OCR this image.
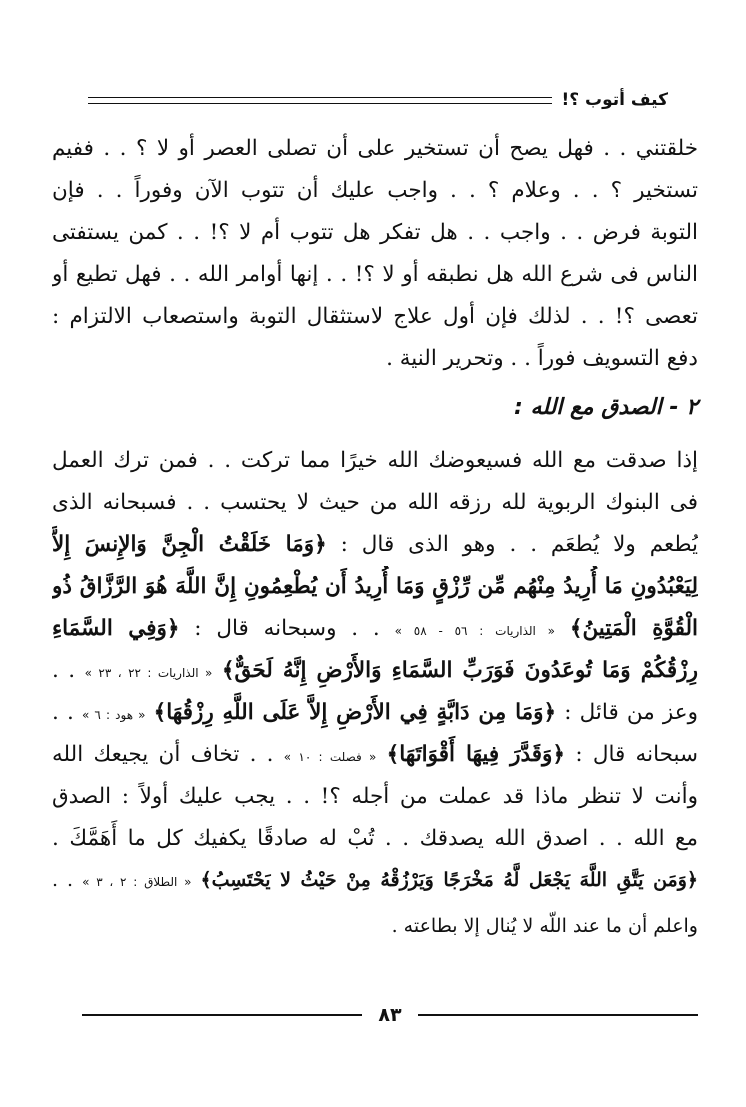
كيف أتوب ؟!
خلقتني . . فهل يصح أن تستخير على أن تصلى العصر أو لا ؟ . . ففيم
تستخير ؟ . . وعلام ؟ . . واجب عليك أن تتوب الآن وفوراً . . فإن
التوبة فرض . . واجب . . هل تفكر هل تتوب أم لا ؟! . . كمن يستفتى
الناس فى شرع الله هل نطبقه أو لا ؟! . . إنها أوامر الله . . فهل تطيع أو
تعصى ؟! . . لذلك فإن أول علاج لاستثقال التوبة واستصعاب الالتزام :
دفع التسويف فوراً . . وتحرير النية .
٢ - الصدق مع الله :
إذا صدقت مع الله فسيعوضك الله خيرًا مما تركت . . فمن ترك العمل
فى البنوك الربوية لله رزقه الله من حيث لا يحتسب . . فسبحانه الذى
يُطعم ولا يُطعَم . . وهو الذى قال : ﴿وَمَا خَلَقْتُ الْجِنَّ وَالإِنسَ إِلاَّ
لِيَعْبُدُونِ مَا أُرِيدُ مِنْهُم مِّن رِّزْقٍ وَمَا أُرِيدُ أَن يُطْعِمُونِ إِنَّ اللَّهَ هُوَ الرَّزَّاقُ ذُو
الْقُوَّةِ الْمَتِينُ﴾ « الذاريات : ٥٦ - ٥٨ » . . وسبحانه قال : ﴿وَفِي السَّمَاءِ
رِزْقُكُمْ وَمَا تُوعَدُونَ فَوَرَبِّ السَّمَاءِ وَالأَرْضِ إِنَّهُ لَحَقٌّ﴾ « الذاريات : ٢٢ ، ٢٣ » . .
وعز من قائل : ﴿وَمَا مِن دَابَّةٍ فِي الأَرْضِ إِلاَّ عَلَى اللَّهِ رِزْقُهَا﴾ « هود : ٦ » . .
سبحانه قال : ﴿وَقَدَّرَ فِيهَا أَقْوَاتَهَا﴾ « فصلت : ١٠ » . . تخاف أن يجيعك الله
وأنت لا تنظر ماذا قد عملت من أجله ؟! . . يجب عليك أولاً : الصدق
مع الله . . اصدق الله يصدقك . . تُبْ له صادقًا يكفيك كل ما أَهَمَّكَ .
﴿وَمَن يَتَّقِ اللَّهَ يَجْعَل لَّهُ مَخْرَجًا وَيَرْزُقْهُ مِنْ حَيْثُ لا يَحْتَسِبُ﴾ « الطلاق : ٢ ، ٣ » . .
واعلم أن ما عند اللّه لا يُنال إلا بطاعته .
٨٣
